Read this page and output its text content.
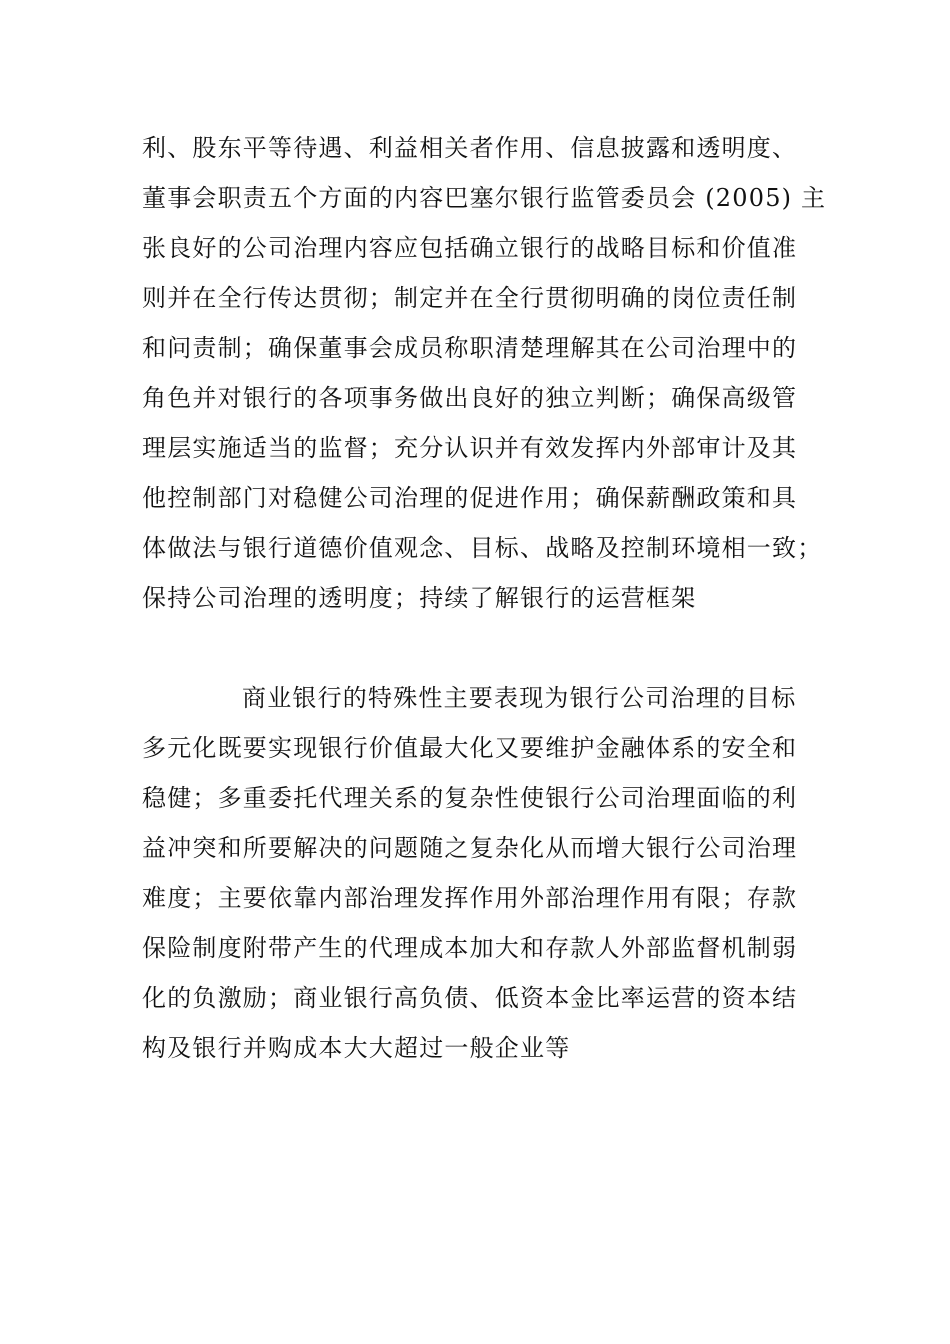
利、股东平等待遇、利益相关者作用、信息披露和透明度、
董事会职责五个方面的内容巴塞尔银行监管委员会 (2005) 主
张良好的公司治理内容应包括确立银行的战略目标和价值准
则并在全行传达贯彻；制定并在全行贯彻明确的岗位责任制
和问责制；确保董事会成员称职清楚理解其在公司治理中的
角色并对银行的各项事务做出良好的独立判断；确保高级管
理层实施适当的监督；充分认识并有效发挥内外部审计及其
他控制部门对稳健公司治理的促进作用；确保薪酬政策和具
体做法与银行道德价值观念、目标、战略及控制环境相一致；
保持公司治理的透明度；持续了解银行的运营框架
商业银行的特殊性主要表现为银行公司治理的目标
多元化既要实现银行价值最大化又要维护金融体系的安全和
稳健；多重委托代理关系的复杂性使银行公司治理面临的利
益冲突和所要解决的问题随之复杂化从而增大银行公司治理
难度；主要依靠内部治理发挥作用外部治理作用有限；存款
保险制度附带产生的代理成本加大和存款人外部监督机制弱
化的负激励；商业银行高负债、低资本金比率运营的资本结
构及银行并购成本大大超过一般企业等
